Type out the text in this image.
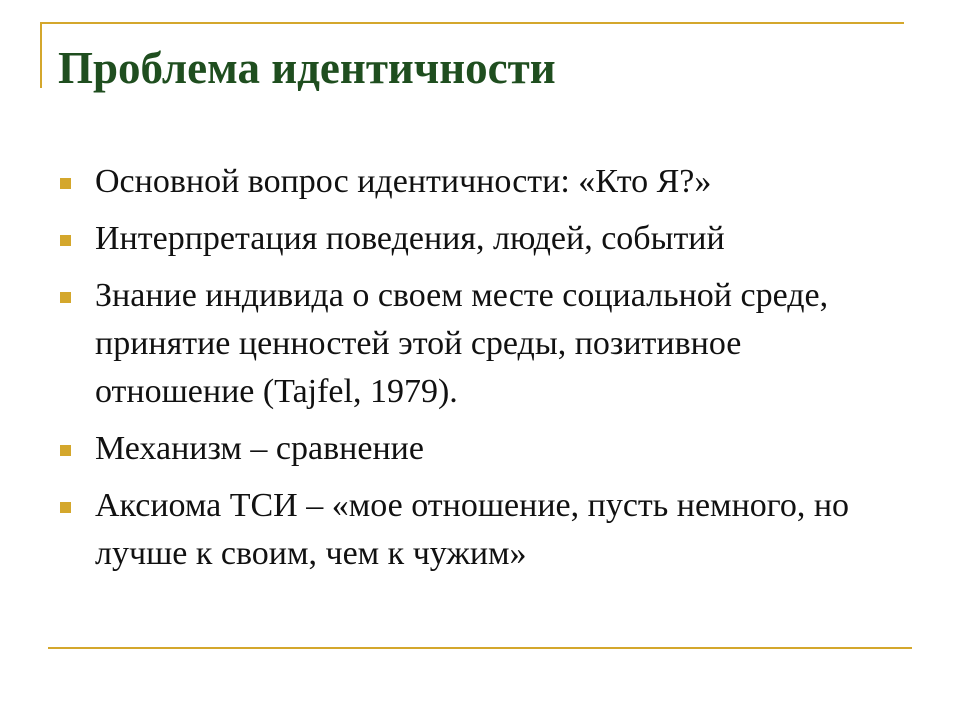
Проблема идентичности
Основной вопрос идентичности: «Кто Я?»
Интерпретация поведения, людей, событий
Знание индивида о своем месте социальной среде, принятие ценностей этой среды, позитивное отношение (Tajfel, 1979).
Механизм – сравнение
Аксиома ТСИ – «мое отношение, пусть немного, но лучше к своим, чем к чужим»
